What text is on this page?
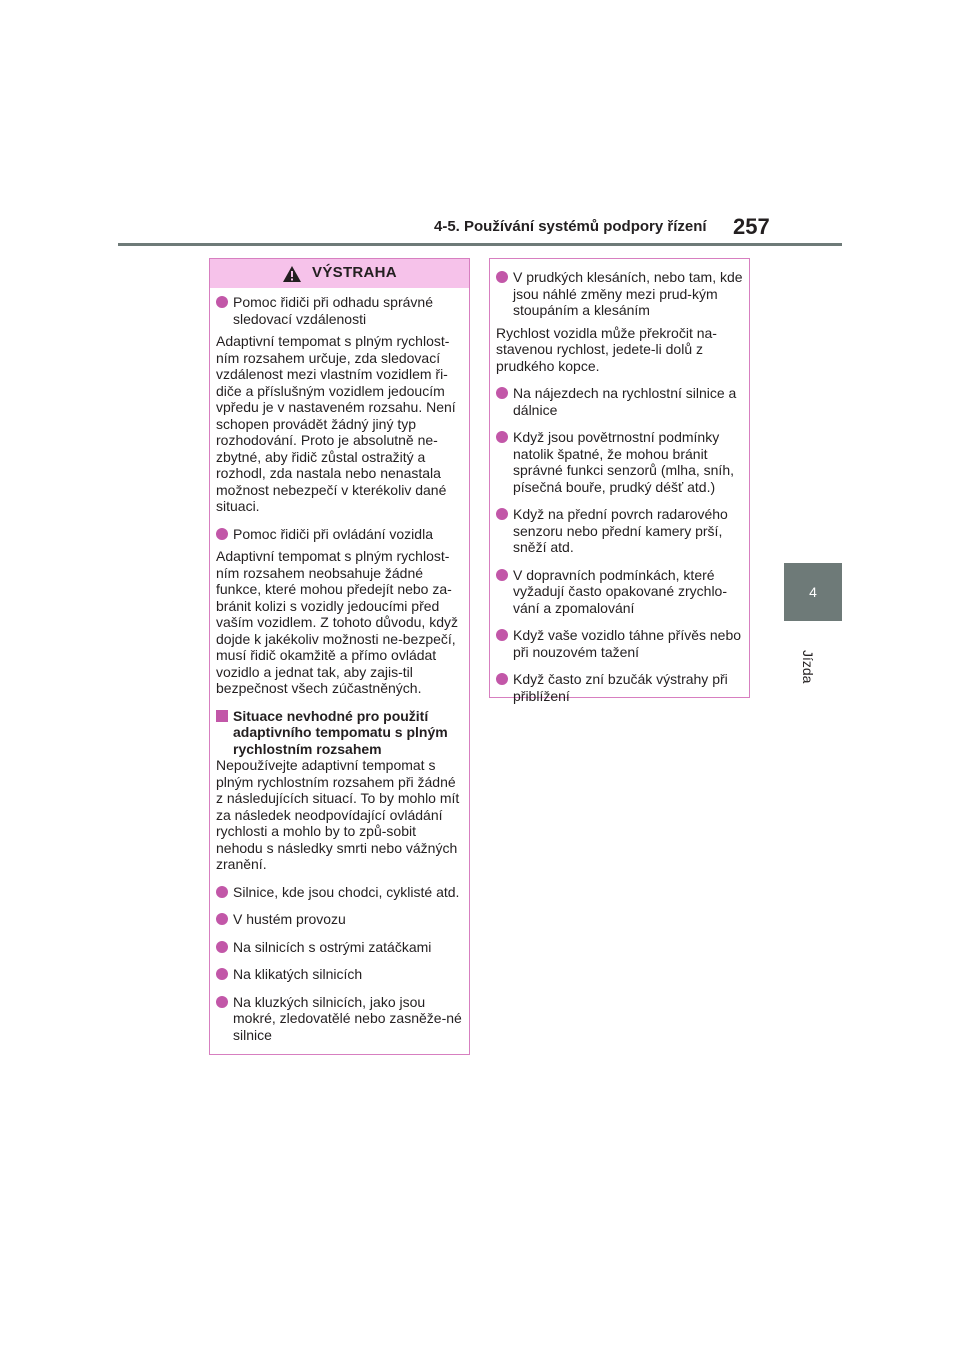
4-5. Používání systémů podpory řízení 257
4
Jízda
VÝSTRAHA
Pomoc řidiči při odhadu správné sledovací vzdálenosti

Adaptivní tempomat s plným rychlost-ním rozsahem určuje, zda sledovací vzdálenost mezi vlastním vozidlem ři-diče a příslušným vozidlem jedoucím vpředu je v nastaveném rozsahu. Není schopen provádět žádný jiný typ rozhodování. Proto je absolutně ne-zbytné, aby řidič zůstal ostražitý a rozhodl, zda nastala nebo nenastala možnost nebezpečí v kterékoliv dané situaci.

Pomoc řidiči při ovládání vozidla

Adaptivní tempomat s plným rychlost-ním rozsahem neobsahuje žádné funkce, které mohou předejít nebo za-bránit kolizi s vozidly jedoucími před vaším vozidlem. Z tohoto důvodu, když dojde k jakékoliv možnosti ne-bezpečí, musí řidič okamžitě a přímo ovládat vozidlo a jednat tak, aby zajis-til bezpečnost všech zúčastněných.

Situace nevhodné pro použití adaptivního tempomatu s plným rychlostním rozsahem

Nepoužívejte adaptivní tempomat s plným rychlostním rozsahem při žádné z následujících situací. To by mohlo mít za následek neodpovídající ovládání rychlosti a mohlo by to způ-sobit nehodu s následky smrti nebo vážných zranění.

Silnice, kde jsou chodci, cyklisté atd.
V hustém provozu
Na silnicích s ostrými zatáčkami
Na klikatých silnicích
Na kluzkých silnicích, jako jsou mokré, zledovatělé nebo zasněže-né silnice
V prudkých klesáních, nebo tam, kde jsou náhlé změny mezi prud-kým stoupáním a klesáním

Rychlost vozidla může překročit na-stavenou rychlost, jedete-li dolů z prudkého kopce.

Na nájezdech na rychlostní silnice a dálnice
Když jsou povětrnostní podmínky natolik špatné, že mohou bránit správné funkci senzorů (mlha, sníh, písečná bouře, prudký déšť atd.)
Když na přední povrch radarového senzoru nebo přední kamery prší, sněží atd.
V dopravních podmínkách, které vyžadují často opakované zrychlo-vání a zpomalování
Když vaše vozidlo táhne přívěs nebo při nouzovém tažení
Když často zní bzučák výstrahy při přiblížení
